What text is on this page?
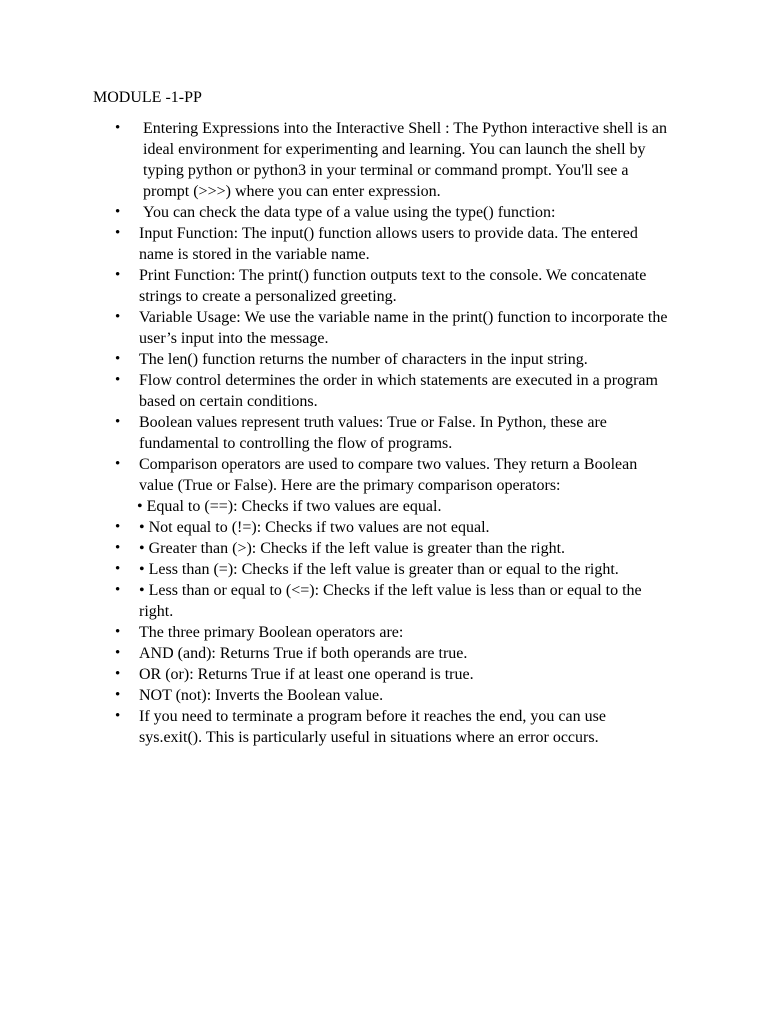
MODULE -1-PP

•	Entering Expressions into the Interactive Shell : The Python interactive shell is an ideal environment for experimenting and learning. You can launch the shell by typing python or python3 in your terminal or command prompt. You'll see a prompt (>>>) where you can enter expression.
•	You can check the data type of a value using the type() function:
•	Input Function: The input() function allows users to provide data. The entered name is stored in the variable name.
•	Print Function: The print() function outputs text to the console. We concatenate strings to create a personalized greeting.
•	Variable Usage: We use the variable name in the print() function to incorporate the user’s input into the message.
•	The len() function returns the number of characters in the input string.
•	Flow control determines the order in which statements are executed in a program based on certain conditions.
•	Boolean values represent truth values: True or False. In Python, these are fundamental to controlling the flow of programs.
•	Comparison operators are used to compare two values. They return a Boolean value (True or False). Here are the primary comparison operators:
• Equal to (==): Checks if two values are equal.
•	• Not equal to (!=): Checks if two values are not equal.
•	• Greater than (>): Checks if the left value is greater than the right.
•	• Less than (=): Checks if the left value is greater than or equal to the right.
•	• Less than or equal to (<=): Checks if the left value is less than or equal to the right.
•	The three primary Boolean operators are:
•	AND (and): Returns True if both operands are true.
•	OR (or): Returns True if at least one operand is true.
•	NOT (not): Inverts the Boolean value.
•	If you need to terminate a program before it reaches the end, you can use sys.exit(). This is particularly useful in situations where an error occurs.
